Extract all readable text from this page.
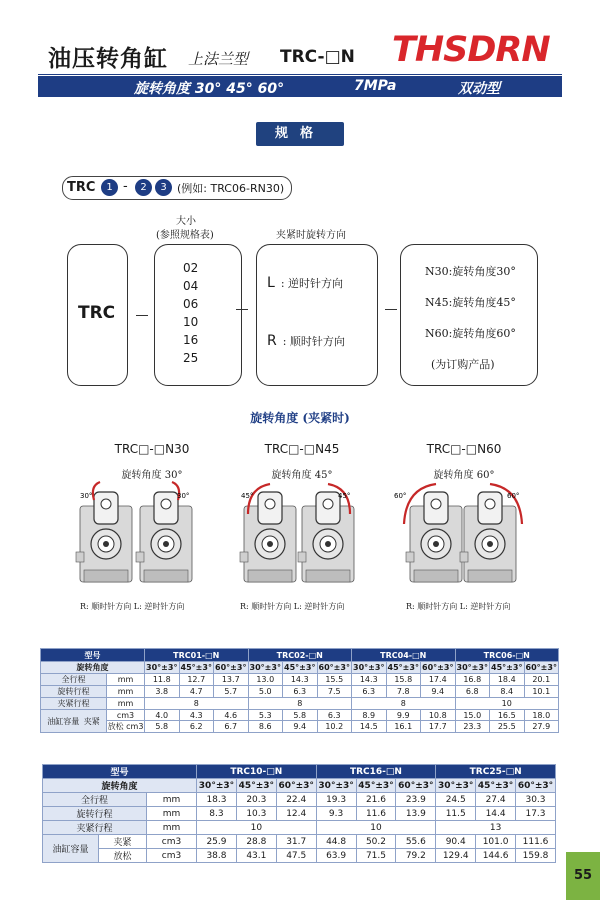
油压转角缸 上法兰型 TRC-□N THSDRN
旋转角度 30° 45° 60°	7MPa	双动型
规格
TRC	1 -	2	3 (例如: TRC06-RN30)
大小
(参照规格表)	夹紧时旋转方向
TRC
02
04
06
10
16
25
L : 逆时针方向
R : 顺时针方向
N30:旋转角度30°
N45:旋转角度45°
N60:旋转角度60°
(为订购产品)
旋转角度 (夹紧时)
TRC□-□N30
旋转角度 30°
TRC□-□N45
旋转角度 45°
TRC□-□N60
旋转角度 60°
30°	30°	45°	45°	60°	60°
R: 顺时针方向 L: 逆时针方向	R: 顺时针方向 L: 逆时针方向	R: 顺时针方向 L: 逆时针方向
型号		TRC01-□N			TRC02-□N			TRC04-□N			TRC06-□N		
旋转角度		30°±3°	45°±3°	60°±3°	30°±3°	45°±3°	60°±3°	30°±3°	45°±3°	60°±3°	30°±3°	45°±3°	60°±3°
全行程	mm	11.8	12.7	13.7	13.0	14.3	15.5	14.3	15.8	17.4	16.8	18.4	20.1
旋转行程	mm	3.8	4.7	5.7	5.0	6.3	7.5	6.3	7.8	9.4	6.8	8.4	10.1
夹紧行程	mm	8			8			8			10		
油缸容量 夹紧	cm3	4.0	4.3	4.6	5.3	5.8	6.3	8.9	9.9	10.8	15.0	16.5	18.0
	放松 cm3	5.8	6.2	6.7	8.6	9.4	10.2	14.5	16.1	17.7	23.3	25.5	27.9
型号			TRC10-□N			TRC16-□N			TRC25-□N		
旋转角度			30°±3°	45°±3°	60°±3°	30°±3°	45°±3°	60°±3°	30°±3°	45°±3°	60°±3°
全行程		mm	18.3	20.3	22.4	19.3	21.6	23.9	24.5	27.4	30.3
旋转行程		mm	8.3	10.3	12.4	9.3	11.6	13.9	11.5	14.4	17.3
夹紧行程		mm	10			10			13		
油缸容量	夹紧	cm3	25.9	28.8	31.7	44.8	50.2	55.6	90.4	101.0	111.6
	放松	cm3	38.8	43.1	47.5	63.9	71.5	79.2	129.4	144.6	159.8
55
